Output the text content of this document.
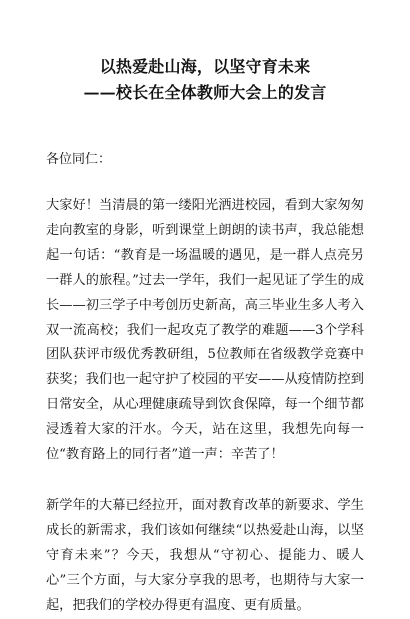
以热爱赴山海，以坚守育未来
——校长在全体教师大会上的发言

各位同仁：

大家好！当清晨的第一缕阳光洒进校园，看到大家匆匆走向教室的身影，听到课堂上朗朗的读书声，我总能想起一句话：“教育是一场温暖的遇见，是一群人点亮另一群人的旅程。”过去一学年，我们一起见证了学生的成长——初三学子中考创历史新高，高三毕业生多人考入双一流高校；我们一起攻克了教学的难题——3个学科团队获评市级优秀教研组，5位教师在省级教学竞赛中获奖；我们也一起守护了校园的平安——从疫情防控到日常安全，从心理健康疏导到饮食保障，每一个细节都浸透着大家的汗水。今天，站在这里，我想先向每一位“教育路上的同行者”道一声：辛苦了！

新学年的大幕已经拉开，面对教育改革的新要求、学生成长的新需求，我们该如何继续“以热爱赴山海，以坚守育未来”？今天，我想从“守初心、提能力、暖人心”三个方面，与大家分享我的思考，也期待与大家一起，把我们的学校办得更有温度、更有质量。
